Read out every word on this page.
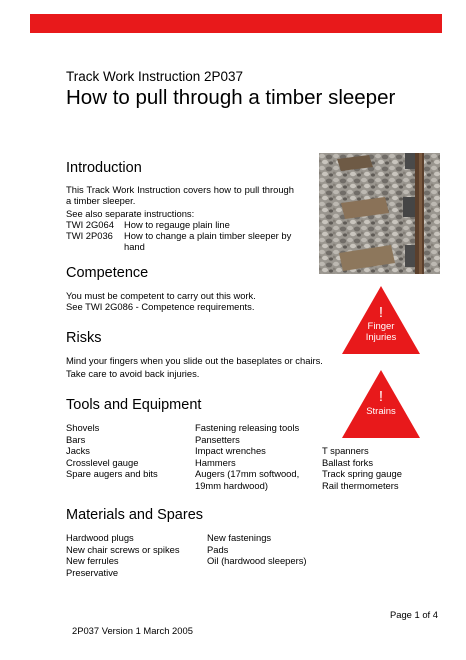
Track Work Instruction 2P037
How to pull through a timber sleeper
Introduction
This Track Work Instruction covers how to pull through a timber sleeper.
See also separate instructions:
TWI 2G064 How to regauge plain line
TWI 2P036 How to change a plain timber sleeper by hand
Competence
You must be competent to carry out this work.
See TWI 2G086 - Competence requirements.	!
Finger
Injuries
Risks
Mind your fingers when you slide out the baseplates or chairs.
Take care to avoid back injuries.
!
Strains
Tools and Equipment
Shovels
Bars
Jacks
Crosslevel gauge
Spare augers and bits
Fastening releasing tools
Pansetters
Impact wrenches
Hammers
Augers (17mm softwood,
19mm hardwood)
T spanners
Ballast forks
Track spring gauge
Rail thermometers
Materials and Spares
Hardwood plugs
New chair screws or spikes
New ferrules
Preservative
New fastenings
Pads
Oil (hardwood sleepers)
Page 1 of 4
2P037 Version 1 March 2005
